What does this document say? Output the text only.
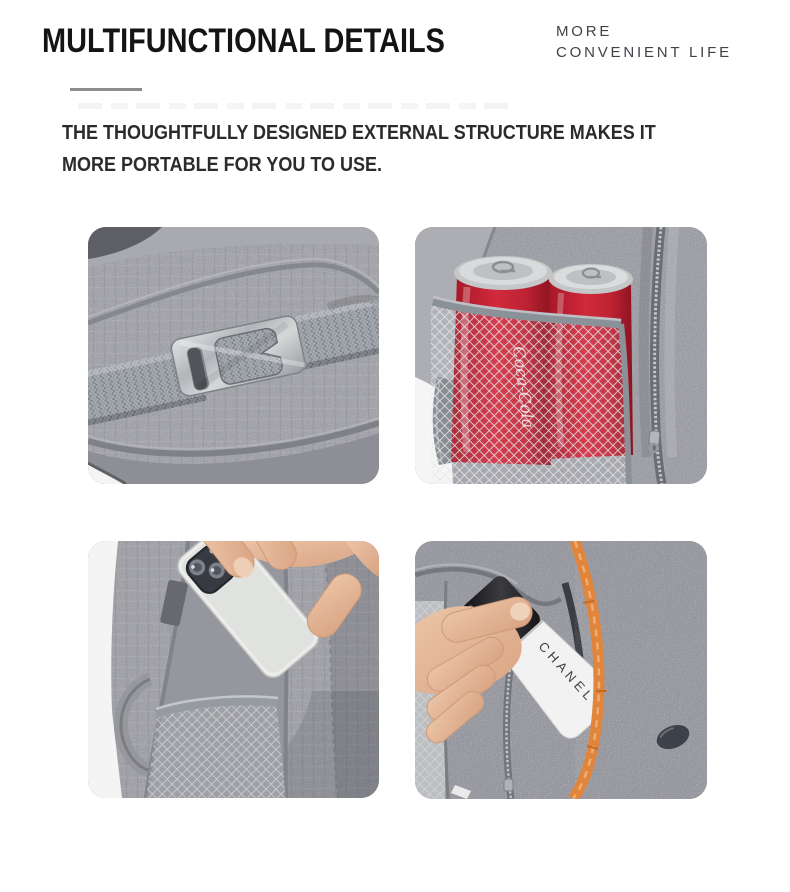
MULTIFUNCTIONAL DETAILS	MORE
CONVENIENT LIFE

THE THOUGHTFULLY DESIGNED EXTERNAL STRUCTURE MAKES IT
MORE PORTABLE FOR YOU TO USE.
